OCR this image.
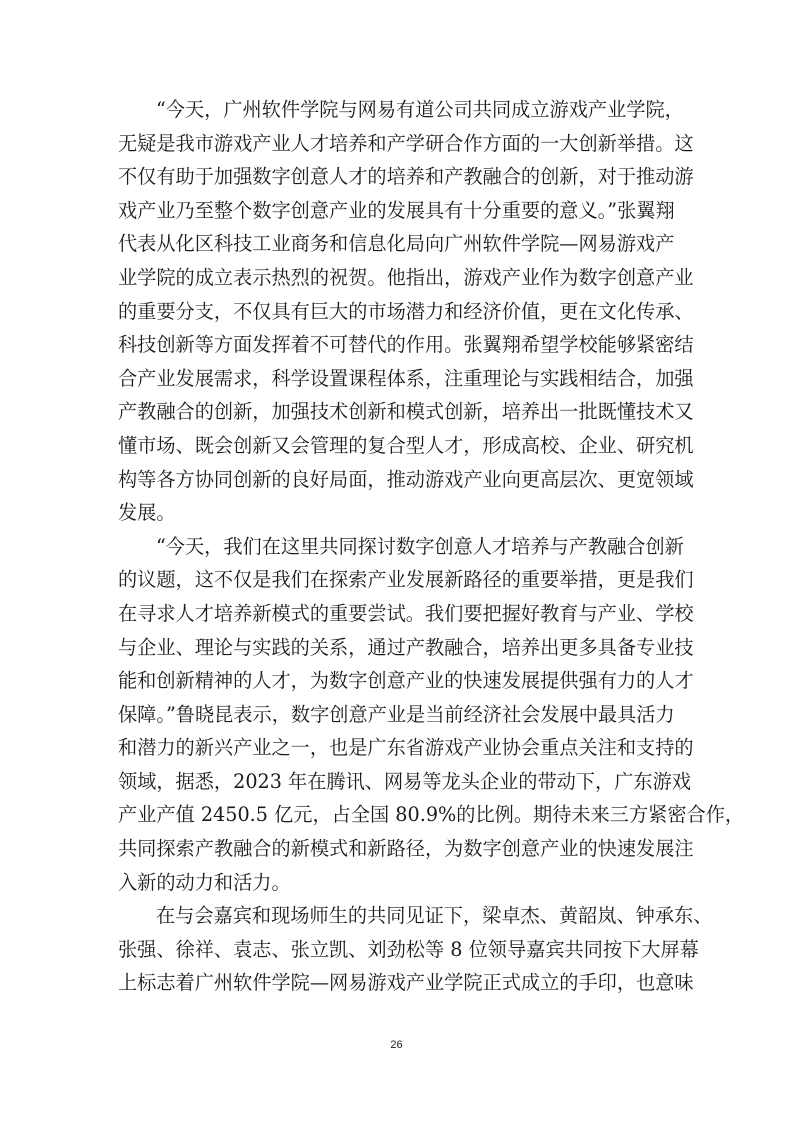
“今天，广州软件学院与网易有道公司共同成立游戏产业学院，
无疑是我市游戏产业人才培养和产学研合作方面的一大创新举措。这
不仅有助于加强数字创意人才的培养和产教融合的创新，对于推动游
戏产业乃至整个数字创意产业的发展具有十分重要的意义。”张翼翔
代表从化区科技工业商务和信息化局向广州软件学院—网易游戏产
业学院的成立表示热烈的祝贺。他指出，游戏产业作为数字创意产业
的重要分支，不仅具有巨大的市场潜力和经济价值，更在文化传承、
科技创新等方面发挥着不可替代的作用。张翼翔希望学校能够紧密结
合产业发展需求，科学设置课程体系，注重理论与实践相结合，加强
产教融合的创新，加强技术创新和模式创新，培养出一批既懂技术又
懂市场、既会创新又会管理的复合型人才，形成高校、企业、研究机
构等各方协同创新的良好局面，推动游戏产业向更高层次、更宽领域
发展。
“今天，我们在这里共同探讨数字创意人才培养与产教融合创新
的议题，这不仅是我们在探索产业发展新路径的重要举措，更是我们
在寻求人才培养新模式的重要尝试。我们要把握好教育与产业、学校
与企业、理论与实践的关系，通过产教融合，培养出更多具备专业技
能和创新精神的人才，为数字创意产业的快速发展提供强有力的人才
保障。”鲁晓昆表示，数字创意产业是当前经济社会发展中最具活力
和潜力的新兴产业之一，也是广东省游戏产业协会重点关注和支持的
领域，据悉，2023 年在腾讯、网易等龙头企业的带动下，广东游戏
产业产值 2450.5 亿元，占全国 80.9%的比例。期待未来三方紧密合作，
共同探索产教融合的新模式和新路径，为数字创意产业的快速发展注
入新的动力和活力。
在与会嘉宾和现场师生的共同见证下，梁卓杰、黄韶岚、钟承东、
张强、徐祥、袁志、张立凯、刘劲松等 8 位领导嘉宾共同按下大屏幕
上标志着广州软件学院—网易游戏产业学院正式成立的手印，也意味
26
